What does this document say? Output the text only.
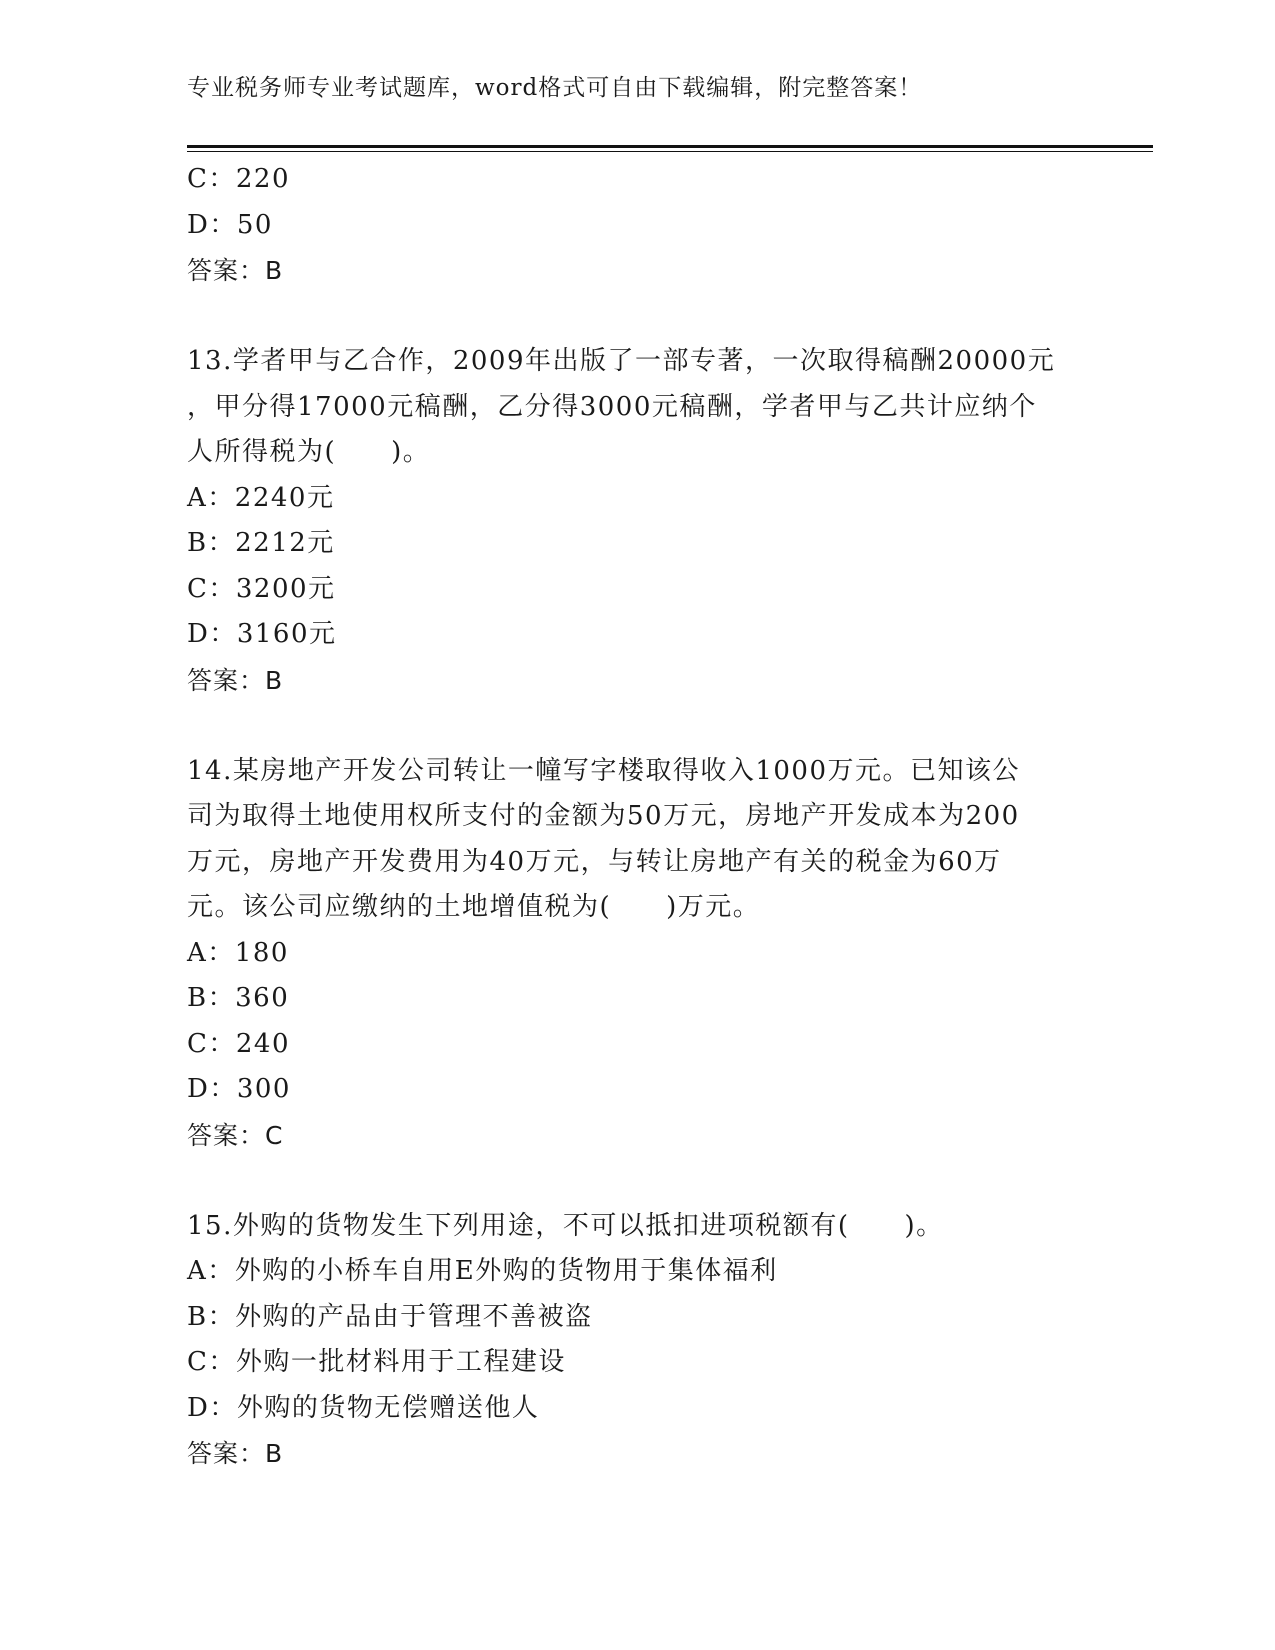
专业税务师专业考试题库，word格式可自由下载编辑，附完整答案！
C：220
D：50
答案：B
13.学者甲与乙合作，2009年出版了一部专著，一次取得稿酬20000元
，甲分得17000元稿酬，乙分得3000元稿酬，学者甲与乙共计应纳个
人所得税为(　　)。
A：2240元
B：2212元
C：3200元
D：3160元
答案：B
14.某房地产开发公司转让一幢写字楼取得收入1000万元。已知该公
司为取得土地使用权所支付的金额为50万元，房地产开发成本为200
万元，房地产开发费用为40万元，与转让房地产有关的税金为60万
元。该公司应缴纳的土地增值税为(　　)万元。
A：180
B：360
C：240
D：300
答案：C
15.外购的货物发生下列用途，不可以抵扣进项税额有(　　)。
A：外购的小桥车自用E外购的货物用于集体福利
B：外购的产品由于管理不善被盗
C：外购一批材料用于工程建设
D：外购的货物无偿赠送他人
答案：B
